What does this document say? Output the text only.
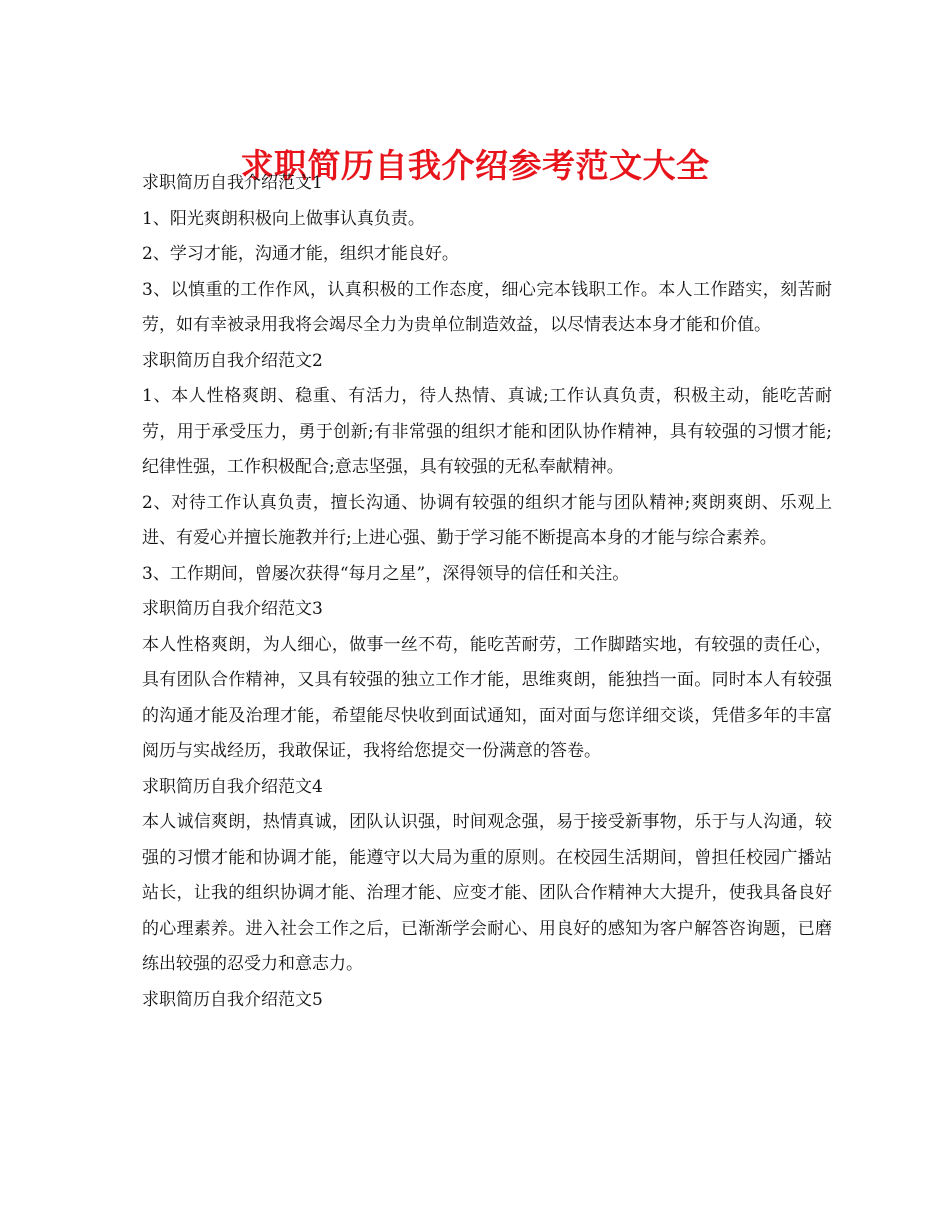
求职简历自我介绍参考范文大全

求职简历自我介绍范文1

1、阳光爽朗积极向上做事认真负责。

2、学习才能，沟通才能，组织才能良好。

3、以慎重的工作作风，认真积极的工作态度，细心完本钱职工作。本人工作踏实，刻苦耐劳，如有幸被录用我将会竭尽全力为贵单位制造效益，以尽情表达本身才能和价值。

求职简历自我介绍范文2

1、本人性格爽朗、稳重、有活力，待人热情、真诚;工作认真负责，积极主动，能吃苦耐劳，用于承受压力，勇于创新;有非常强的组织才能和团队协作精神，具有较强的习惯才能;纪律性强，工作积极配合;意志坚强，具有较强的无私奉献精神。

2、对待工作认真负责，擅长沟通、协调有较强的组织才能与团队精神;爽朗爽朗、乐观上进、有爱心并擅长施教并行;上进心强、勤于学习能不断提高本身的才能与综合素养。

3、工作期间，曾屡次获得“每月之星”，深得领导的信任和关注。

求职简历自我介绍范文3

本人性格爽朗，为人细心，做事一丝不苟，能吃苦耐劳，工作脚踏实地，有较强的责任心，具有团队合作精神，又具有较强的独立工作才能，思维爽朗，能独挡一面。同时本人有较强的沟通才能及治理才能，希望能尽快收到面试通知，面对面与您详细交谈，凭借多年的丰富阅历与实战经历，我敢保证，我将给您提交一份满意的答卷。

求职简历自我介绍范文4

本人诚信爽朗，热情真诚，团队认识强，时间观念强，易于接受新事物，乐于与人沟通，较强的习惯才能和协调才能，能遵守以大局为重的原则。在校园生活期间，曾担任校园广播站站长，让我的组织协调才能、治理才能、应变才能、团队合作精神大大提升，使我具备良好的心理素养。进入社会工作之后，已渐渐学会耐心、用良好的感知为客户解答咨询题，已磨练出较强的忍受力和意志力。

求职简历自我介绍范文5
